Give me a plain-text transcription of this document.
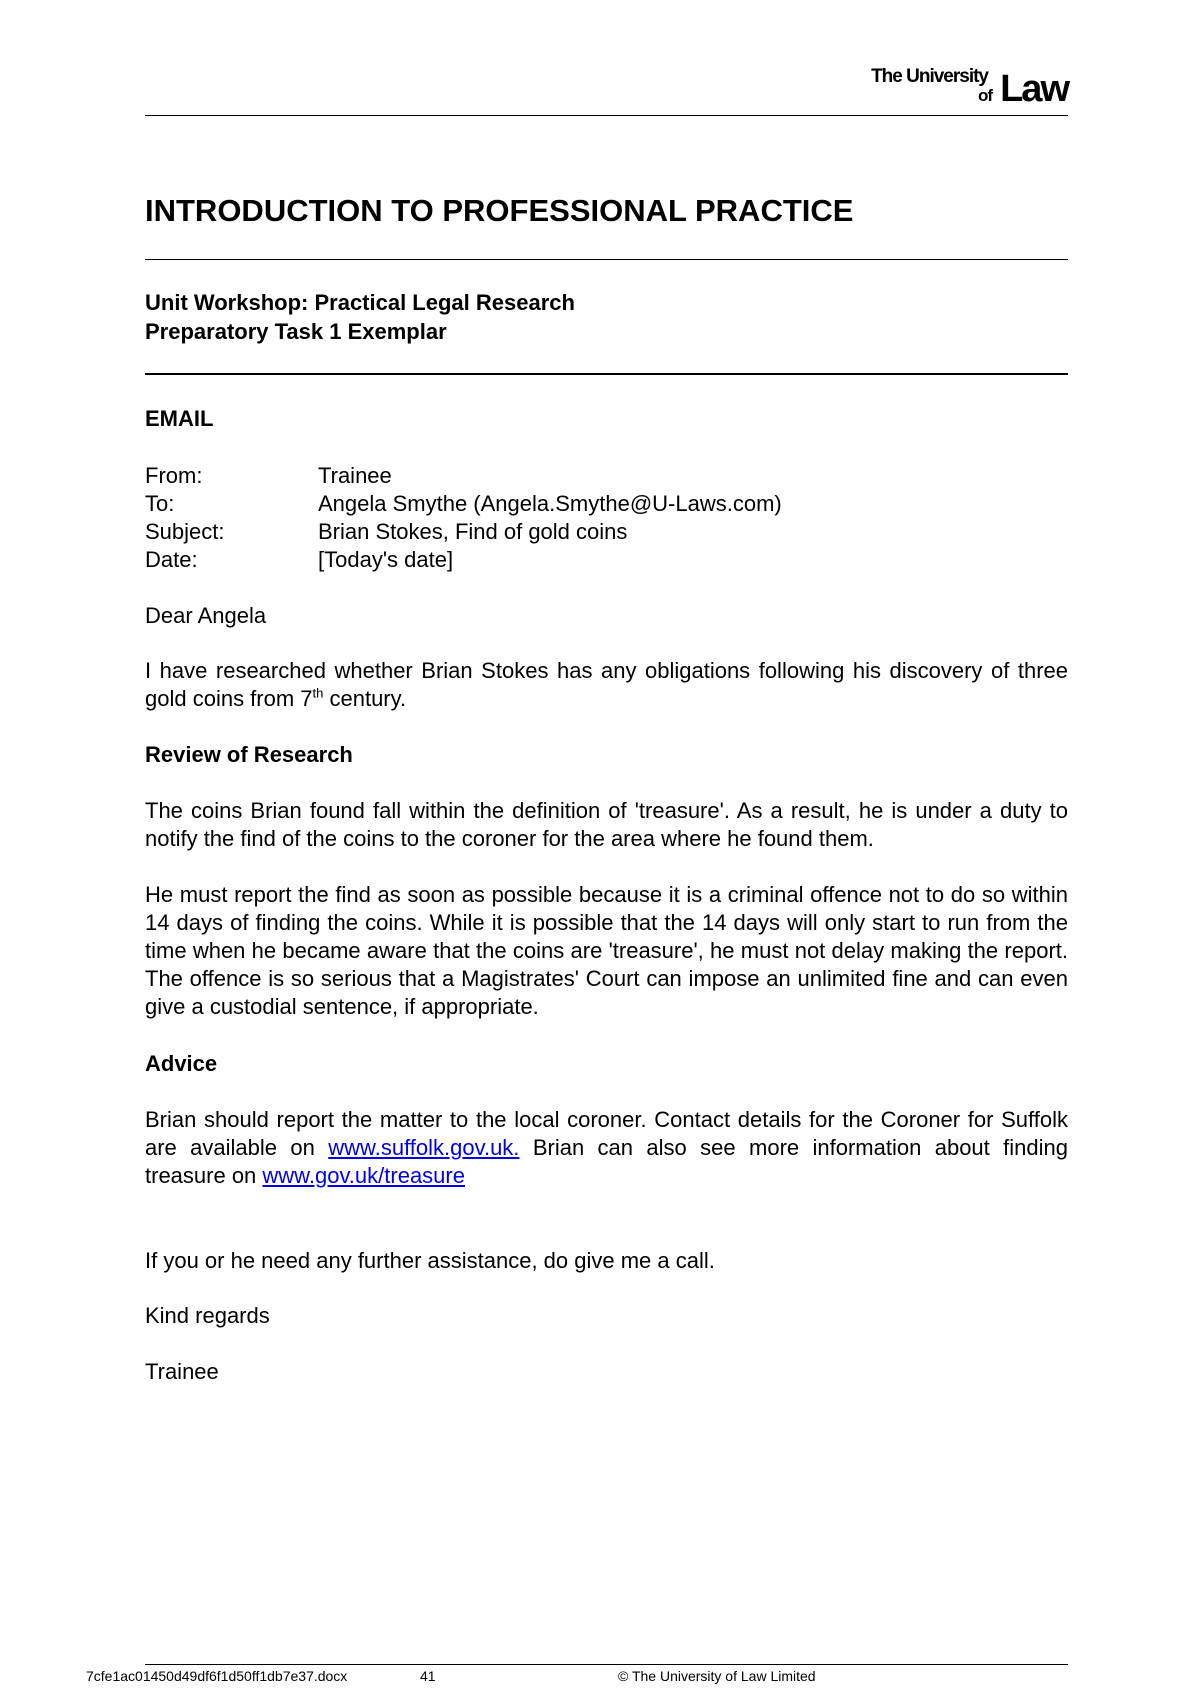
The University
of Law
INTRODUCTION TO PROFESSIONAL PRACTICE
Unit Workshop: Practical Legal Research
Preparatory Task 1 Exemplar
EMAIL
From:	Trainee
To:	Angela Smythe (Angela.Smythe@U-Laws.com)
Subject:	Brian Stokes, Find of gold coins
Date:	[Today's date]
Dear Angela
I have researched whether Brian Stokes has any obligations following his discovery of three gold coins from 7th century.
Review of Research
The coins Brian found fall within the definition of 'treasure'. As a result, he is under a duty to notify the find of the coins to the coroner for the area where he found them.
He must report the find as soon as possible because it is a criminal offence not to do so within 14 days of finding the coins. While it is possible that the 14 days will only start to run from the time when he became aware that the coins are 'treasure', he must not delay making the report. The offence is so serious that a Magistrates' Court can impose an unlimited fine and can even give a custodial sentence, if appropriate.
Advice
Brian should report the matter to the local coroner. Contact details for the Coroner for Suffolk are available on www.suffolk.gov.uk. Brian can also see more information about finding treasure on www.gov.uk/treasure
If you or he need any further assistance, do give me a call.
Kind regards
Trainee
7cfe1ac01450d49df6f1d50ff1db7e37.docx	41	© The University of Law Limited
